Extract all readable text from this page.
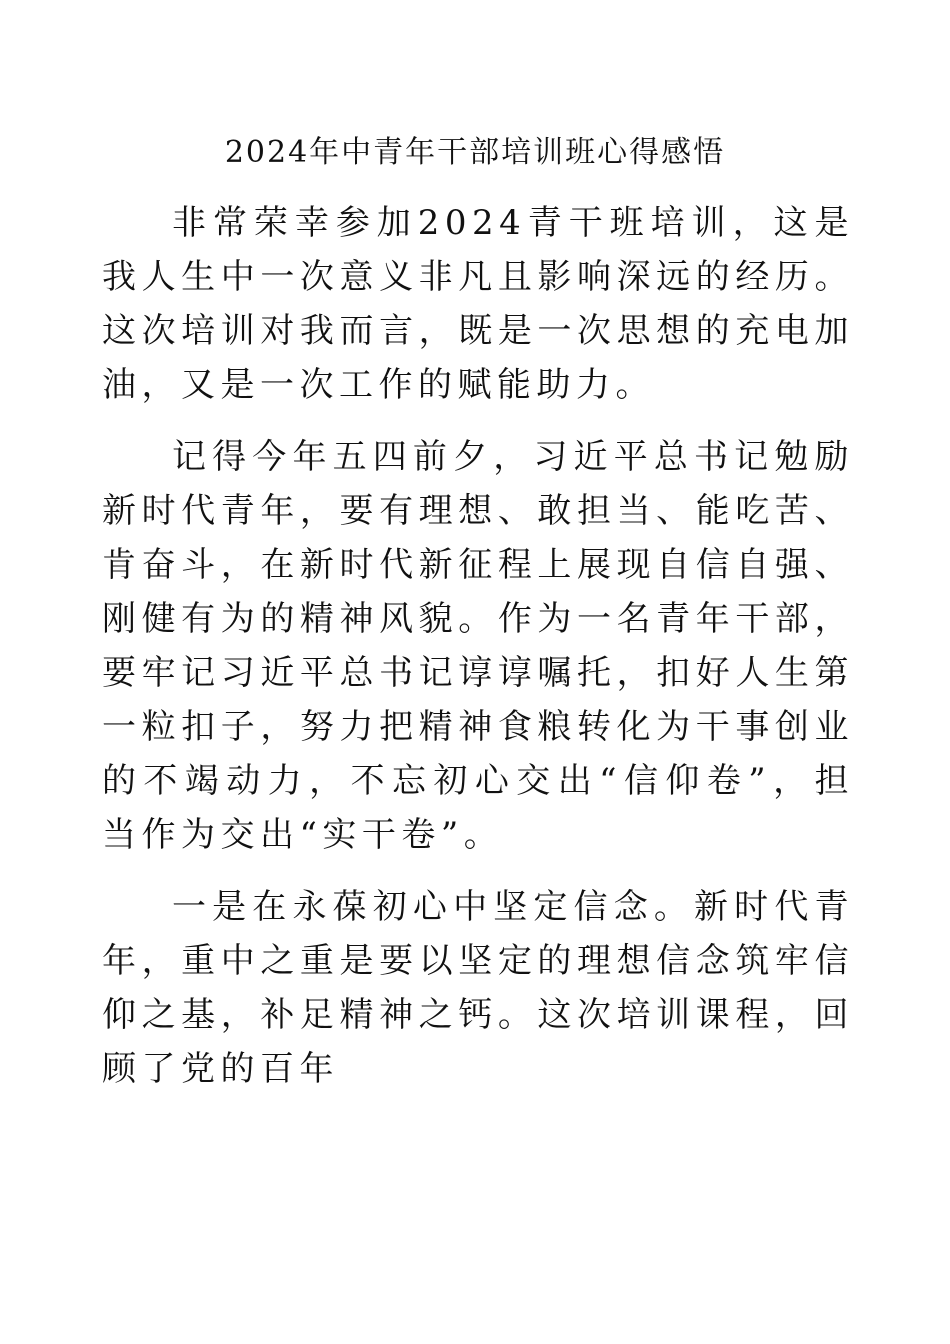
2024年中青年干部培训班心得感悟

非常荣幸参加2024青干班培训，这是我人生中一次意义非凡且影响深远的经历。这次培训对我而言，既是一次思想的充电加油，又是一次工作的赋能助力。

记得今年五四前夕，习近平总书记勉励新时代青年，要有理想、敢担当、能吃苦、肯奋斗，在新时代新征程上展现自信自强、刚健有为的精神风貌。作为一名青年干部，要牢记习近平总书记谆谆嘱托，扣好人生第一粒扣子，努力把精神食粮转化为干事创业的不竭动力，不忘初心交出“信仰卷”，担当作为交出“实干卷”。

一是在永葆初心中坚定信念。新时代青年，重中之重是要以坚定的理想信念筑牢信仰之基，补足精神之钙。这次培训课程，回顾了党的百年
